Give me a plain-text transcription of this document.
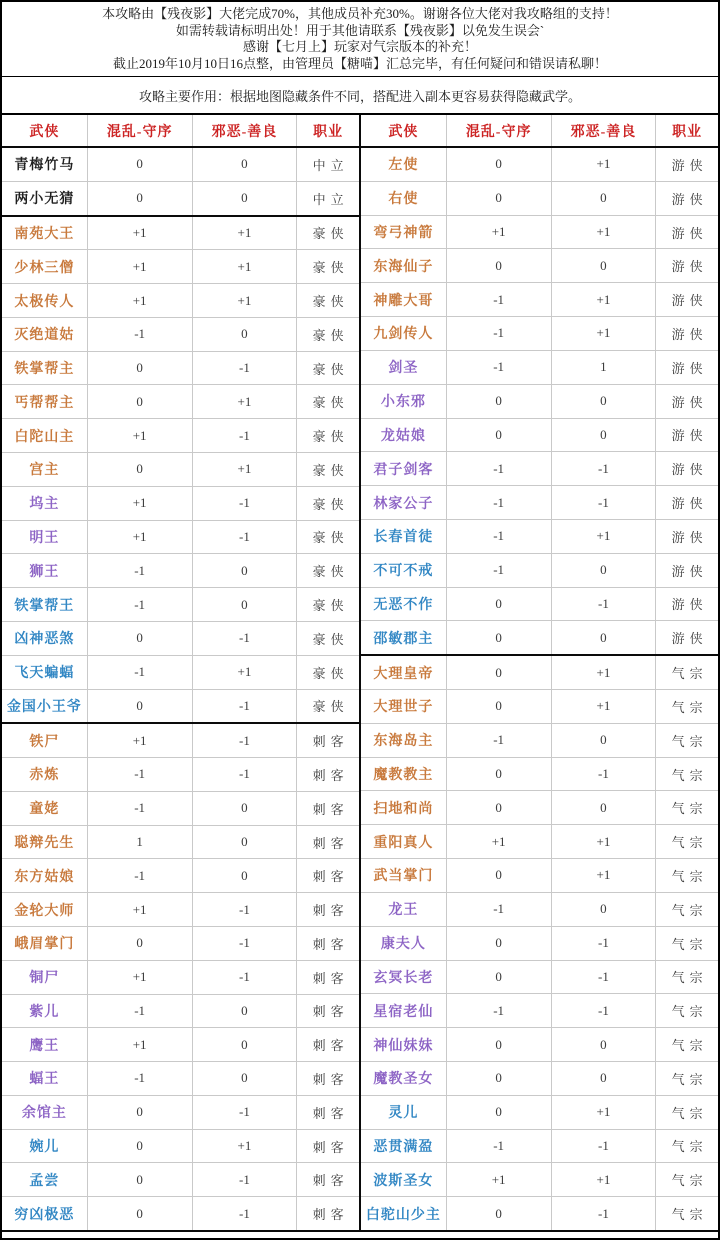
本攻略由【残夜影】大佬完成70%，其他成员补充30%。谢谢各位大佬对我攻略组的支持！
如需转载请标明出处！用于其他请联系【残夜影】以免发生误会`
感谢【七月上】玩家对气宗版本的补充！
截止2019年10月10日16点整，由管理员【糖喵】汇总完毕，有任何疑问和错误请私聊！
攻略主要作用：根据地图隐藏条件不同，搭配进入副本更容易获得隐藏武学。
武侠	混乱-守序	邪恶-善良	职业
青梅竹马	0	0	中立
两小无猜	0	0	中立
南苑大王	+1	+1	豪侠
少林三僧	+1	+1	豪侠
太极传人	+1	+1	豪侠
灭绝道姑	-1	0	豪侠
铁掌帮主	0	-1	豪侠
丐帮帮主	0	+1	豪侠
白陀山主	+1	-1	豪侠
宫主	0	+1	豪侠
坞主	+1	-1	豪侠
明王	+1	-1	豪侠
狮王	-1	0	豪侠
铁掌帮王	-1	0	豪侠
凶神恶煞	0	-1	豪侠
飞天蝙蝠	-1	+1	豪侠
金国小王爷	0	-1	豪侠
铁尸	+1	-1	刺客
赤炼	-1	-1	刺客
童姥	-1	0	刺客
聪辩先生	1	0	刺客
东方姑娘	-1	0	刺客
金轮大师	+1	-1	刺客
峨眉掌门	0	-1	刺客
铜尸	+1	-1	刺客
紫儿	-1	0	刺客
鹰王	+1	0	刺客
蝠王	-1	0	刺客
余馆主	0	-1	刺客
婉儿	0	+1	刺客
孟尝	0	-1	刺客
穷凶极恶	0	-1	刺客
武侠	混乱-守序	邪恶-善良	职业
左使	0	+1	游侠
右使	0	0	游侠
弯弓神箭	+1	+1	游侠
东海仙子	0	0	游侠
神雕大哥	-1	+1	游侠
九剑传人	-1	+1	游侠
剑圣	-1	1	游侠
小东邪	0	0	游侠
龙姑娘	0	0	游侠
君子剑客	-1	-1	游侠
林家公子	-1	-1	游侠
长春首徒	-1	+1	游侠
不可不戒	-1	0	游侠
无恶不作	0	-1	游侠
邵敏郡主	0	0	游侠
大理皇帝	0	+1	气宗
大理世子	0	+1	气宗
东海岛主	-1	0	气宗
魔教教主	0	-1	气宗
扫地和尚	0	0	气宗
重阳真人	+1	+1	气宗
武当掌门	0	+1	气宗
龙王	-1	0	气宗
康夫人	0	-1	气宗
玄冥长老	0	-1	气宗
星宿老仙	-1	-1	气宗
神仙妹妹	0	0	气宗
魔教圣女	0	0	气宗
灵儿	0	+1	气宗
恶贯满盈	-1	-1	气宗
波斯圣女	+1	+1	气宗
白驼山少主	0	-1	气宗
